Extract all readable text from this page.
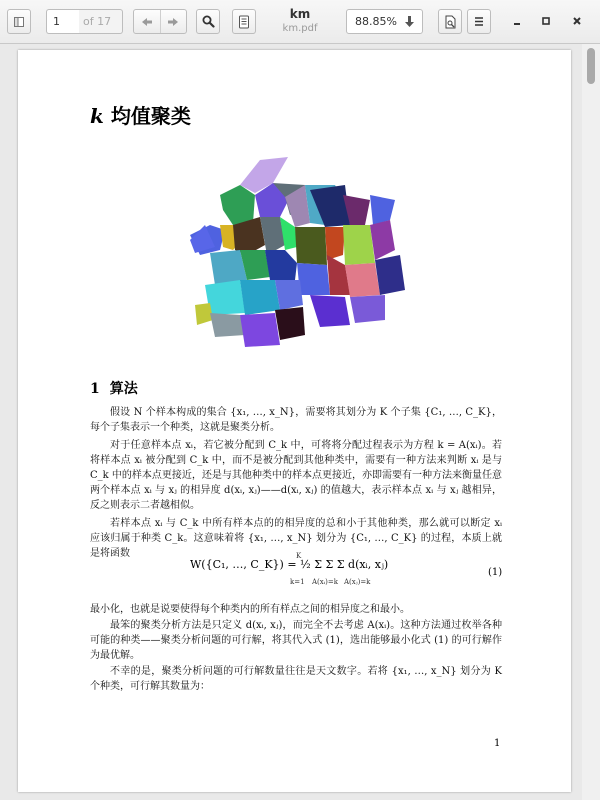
1	of 17
km
km.pdf
88.85%
k 均值聚类
1 算法
假设 N 个样本构成的集合 {x₁, …, x_N}，需要将其划分为 K 个子集 {C₁, …, C_K}，每个子集表示一个种类，这就是聚类分析。
对于任意样本点 xᵢ，若它被分配到 C_k 中，可将将分配过程表示为方程 k = A(xᵢ)。若将样本点 xᵢ 被分配到 C_k 中，而不是被分配到其他种类中，需要有一种方法来判断 xᵢ 是与 C_k 中的样本点更接近，还是与其他种类中的样本点更接近，亦即需要有一种方法来衡量任意两个样本点 xᵢ 与 xⱼ 的相异度 d(xᵢ, xⱼ)——d(xᵢ, xⱼ) 的值越大，表示样本点 xᵢ 与 xⱼ 越相异，反之则表示二者越相似。
若样本点 xᵢ 与 C_k 中所有样本点的的相异度的总和小于其他种类，那么就可以断定 xᵢ 应该归属于种类 C_k。这意味着将 {x₁, …, x_N} 划分为 {C₁, …, C_K} 的过程，本质上就是将函数
W({C₁, …, C_K}) = ½ Σ Σ Σ d(xᵢ, xⱼ)
K
k=1 A(xᵢ)=k A(xⱼ)=k
(1)
最小化，也就是说要使得每个种类内的所有样点之间的相异度之和最小。
最笨的聚类分析方法是只定义 d(xᵢ, xⱼ)，而完全不去考虑 A(xᵢ)。这种方法通过枚举各种可能的种类——聚类分析问题的可行解，将其代入式 (1)，选出能够最小化式 (1) 的可行解作为最优解。
不幸的是，聚类分析问题的可行解数量往往是天文数字。若将 {x₁, …, x_N} 划分为 K 个种类，可行解其数量为：
1
